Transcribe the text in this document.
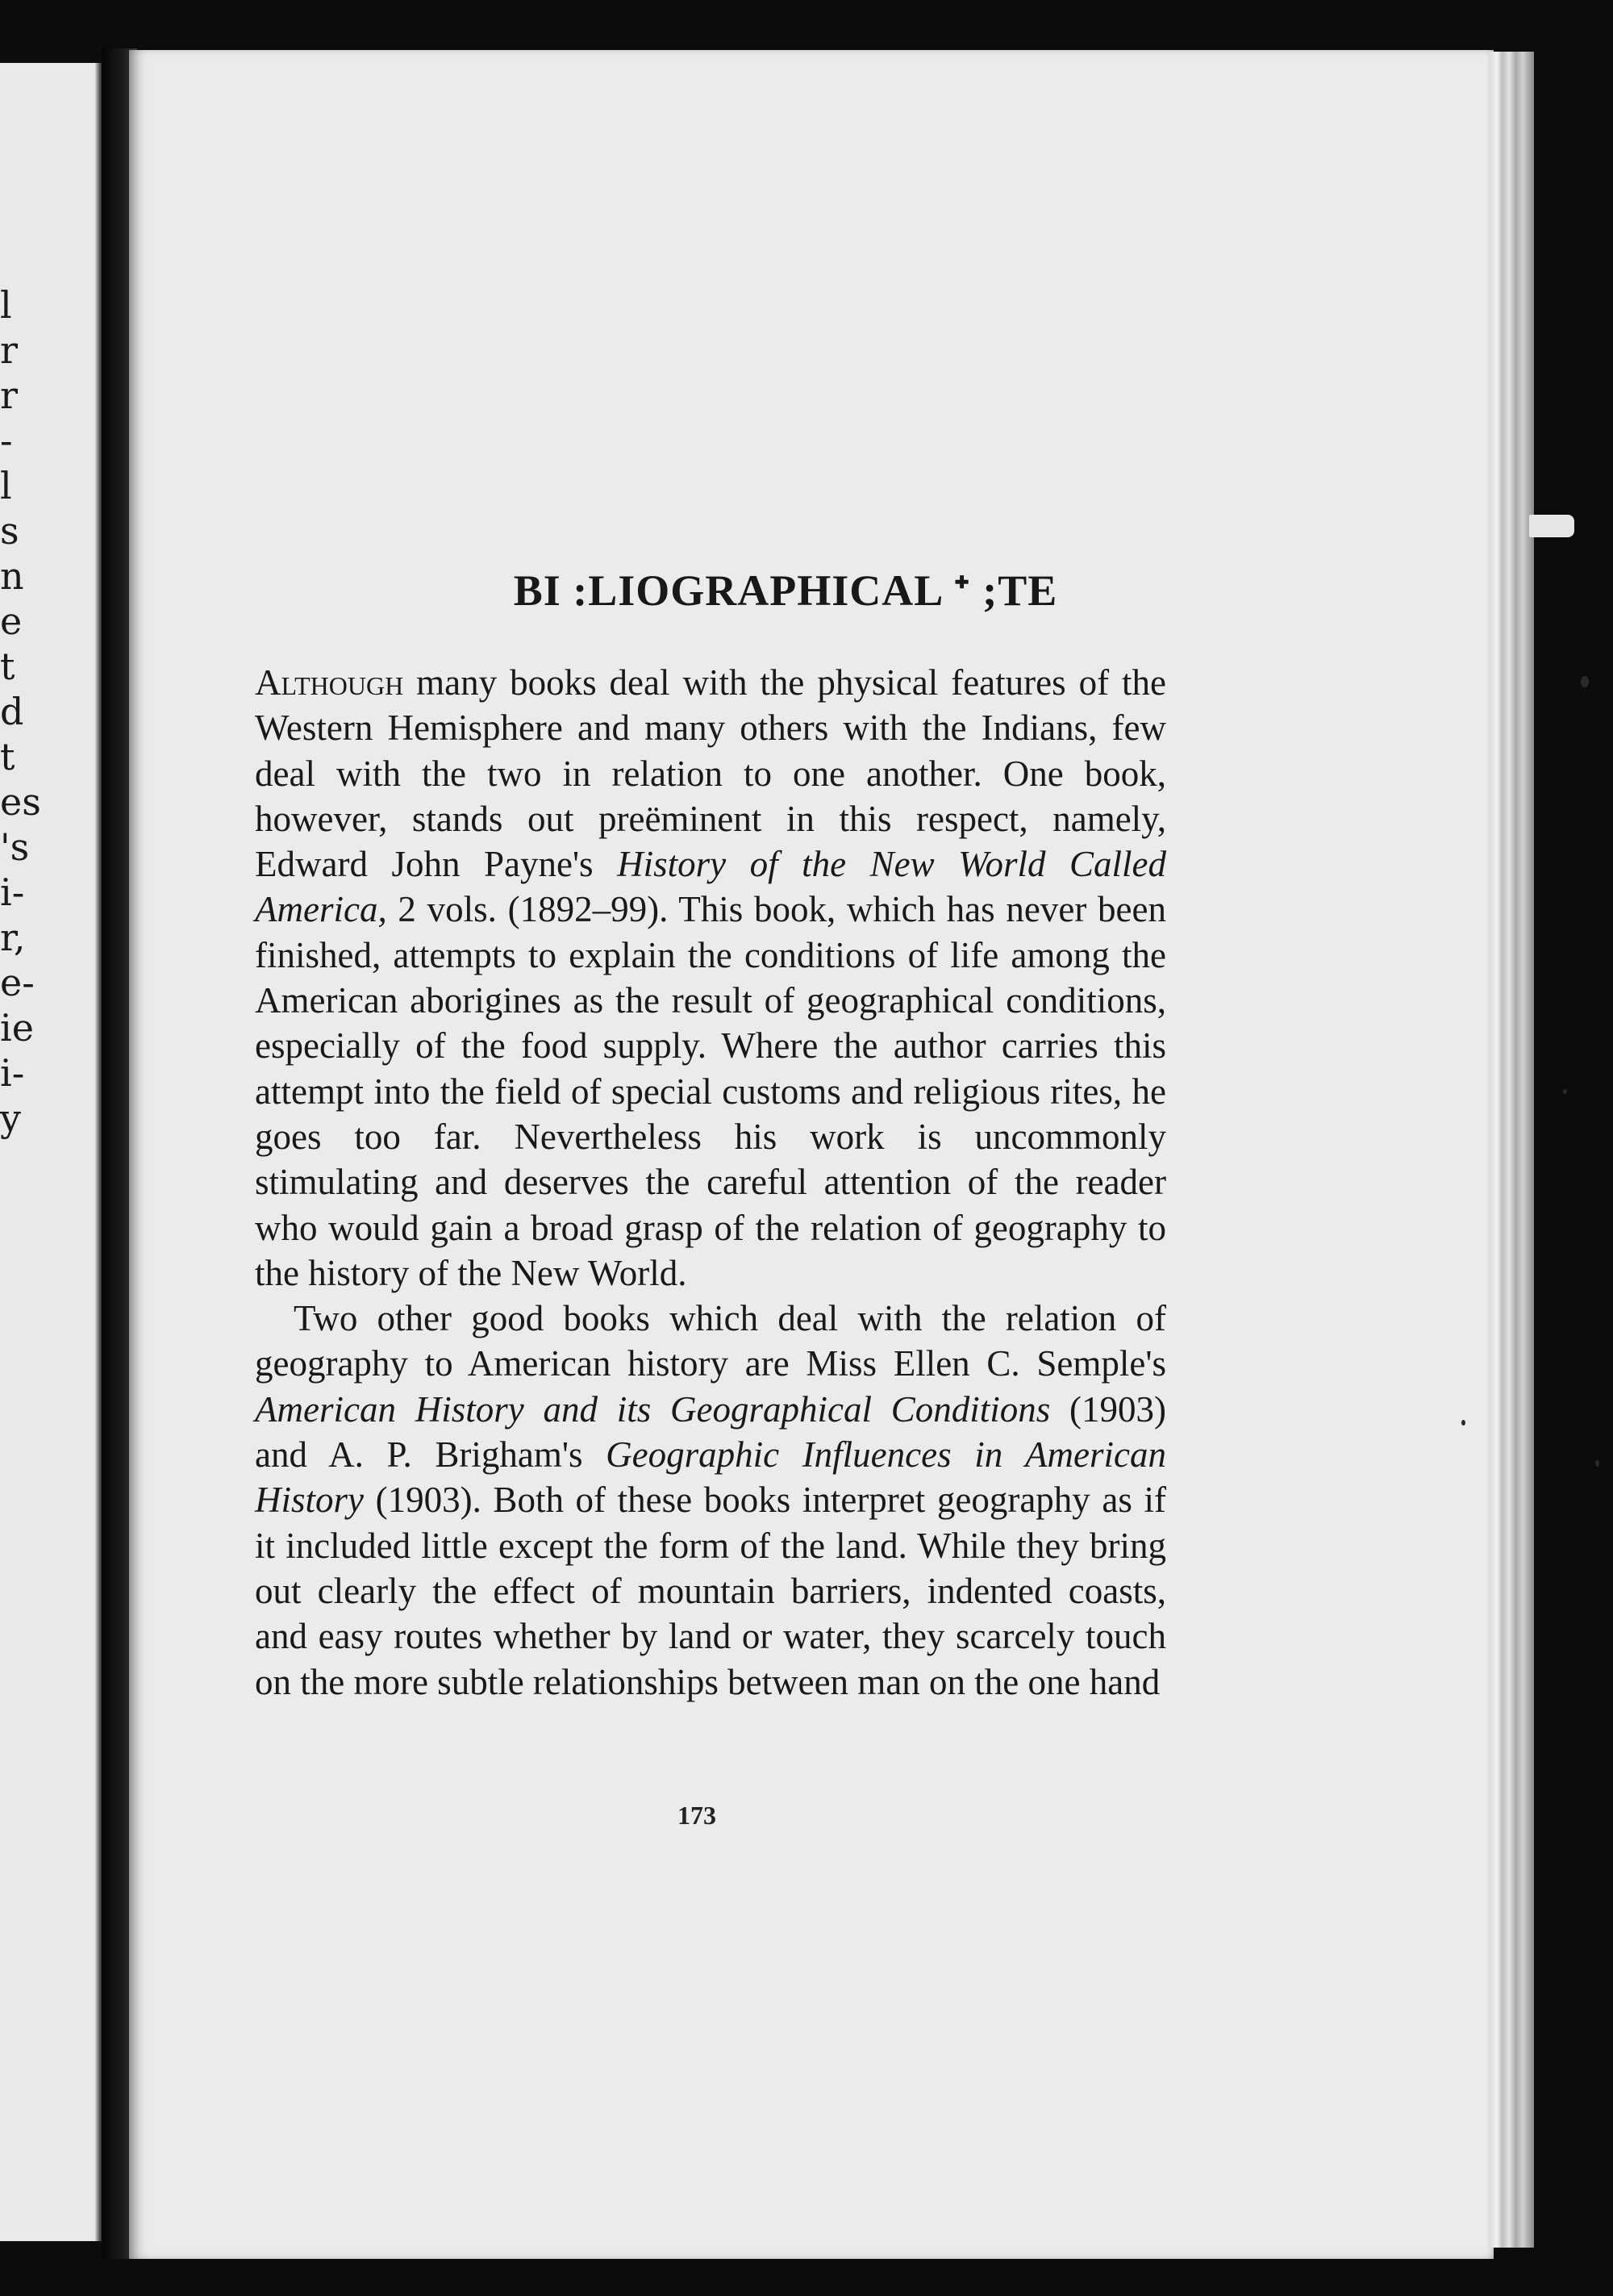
l
r
r
-
l
s
n
e
t
d
t
es
's
i-
r,
e-
ie
i-
y
BI :LIOGRAPHICAL ᐩ ;TE

Although many books deal with the physical features of the Western Hemisphere and many others with the Indians, few deal with the two in relation to one another. One book, however, stands out preëminent in this respect, namely, Edward John Payne's History of the New World Called America, 2 vols. (1892–99). This book, which has never been finished, attempts to explain the conditions of life among the American aborigines as the result of geographical conditions, especially of the food supply. Where the author carries this attempt into the field of special customs and religious rites, he goes too far. Nevertheless his work is uncommonly stimulating and deserves the careful attention of the reader who would gain a broad grasp of the relation of geography to the history of the New World.

Two other good books which deal with the relation of geography to American history are Miss Ellen C. Semple's American History and its Geographical Conditions (1903) and A. P. Brigham's Geographic Influences in American History (1903). Both of these books interpret geography as if it included little except the form of the land. While they bring out clearly the effect of mountain barriers, indented coasts, and easy routes whether by land or water, they scarcely touch on the more subtle relationships between man on the one hand

173
